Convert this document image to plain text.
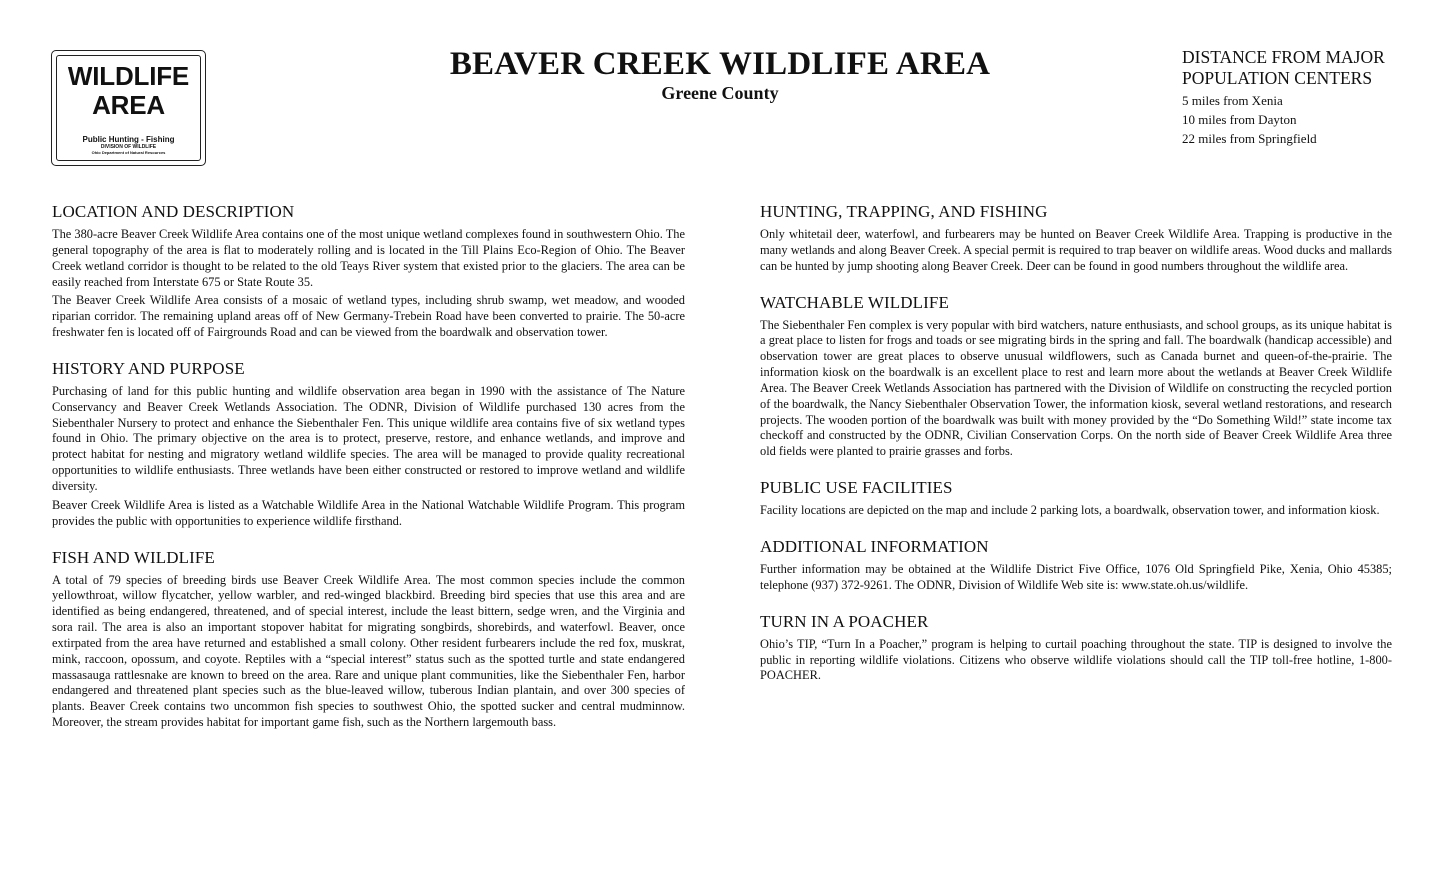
WILDLIFE
AREA
Public Hunting - Fishing
DIVISION OF WILDLIFE
Ohio Department of Natural Resources
BEAVER CREEK WILDLIFE AREA
Greene County
DISTANCE FROM MAJOR
POPULATION CENTERS
5 miles from Xenia
10 miles from Dayton
22 miles from Springfield
LOCATION AND DESCRIPTION

The 380-acre Beaver Creek Wildlife Area contains one of the most unique wetland complexes found in southwestern Ohio. The general topography of the area is flat to moderately rolling and is located in the Till Plains Eco-Region of Ohio. The Beaver Creek wetland corridor is thought to be related to the old Teays River system that existed prior to the glaciers. The area can be easily reached from Interstate 675 or State Route 35.

The Beaver Creek Wildlife Area consists of a mosaic of wetland types, including shrub swamp, wet meadow, and wooded riparian corridor. The remaining upland areas off of New Germany-Trebein Road have been converted to prairie. The 50-acre freshwater fen is located off of Fairgrounds Road and can be viewed from the boardwalk and observation tower.

HISTORY AND PURPOSE

Purchasing of land for this public hunting and wildlife observation area began in 1990 with the assistance of The Nature Conservancy and Beaver Creek Wetlands Association. The ODNR, Division of Wildlife purchased 130 acres from the Siebenthaler Nursery to protect and enhance the Siebenthaler Fen. This unique wildlife area contains five of six wetland types found in Ohio. The primary objective on the area is to protect, preserve, restore, and enhance wetlands, and improve and protect habitat for nesting and migratory wetland wildlife species. The area will be managed to provide quality recreational opportunities to wildlife enthusiasts. Three wetlands have been either constructed or restored to improve wetland and wildlife diversity.

Beaver Creek Wildlife Area is listed as a Watchable Wildlife Area in the National Watchable Wildlife Program. This program provides the public with opportunities to experience wildlife firsthand.

FISH AND WILDLIFE

A total of 79 species of breeding birds use Beaver Creek Wildlife Area. The most common species include the common yellowthroat, willow flycatcher, yellow warbler, and red-winged blackbird. Breeding bird species that use this area and are identified as being endangered, threatened, and of special interest, include the least bittern, sedge wren, and the Virginia and sora rail. The area is also an important stopover habitat for migrating songbirds, shorebirds, and waterfowl. Beaver, once extirpated from the area have returned and established a small colony. Other resident furbearers include the red fox, muskrat, mink, raccoon, opossum, and coyote. Reptiles with a “special interest” status such as the spotted turtle and state endangered massasauga rattlesnake are known to breed on the area. Rare and unique plant communities, like the Siebenthaler Fen, harbor endangered and threatened plant species such as the blue-leaved willow, tuberous Indian plantain, and over 300 species of plants. Beaver Creek contains two uncommon fish species to southwest Ohio, the spotted sucker and central mudminnow. Moreover, the stream provides habitat for important game fish, such as the Northern largemouth bass.

HUNTING, TRAPPING, AND FISHING

Only whitetail deer, waterfowl, and furbearers may be hunted on Beaver Creek Wildlife Area. Trapping is productive in the many wetlands and along Beaver Creek. A special permit is required to trap beaver on wildlife areas. Wood ducks and mallards can be hunted by jump shooting along Beaver Creek. Deer can be found in good numbers throughout the wildlife area.

WATCHABLE WILDLIFE

The Siebenthaler Fen complex is very popular with bird watchers, nature enthusiasts, and school groups, as its unique habitat is a great place to listen for frogs and toads or see migrating birds in the spring and fall. The boardwalk (handicap accessible) and observation tower are great places to observe unusual wildflowers, such as Canada burnet and queen-of-the-prairie. The information kiosk on the boardwalk is an excellent place to rest and learn more about the wetlands at Beaver Creek Wildlife Area. The Beaver Creek Wetlands Association has partnered with the Division of Wildlife on constructing the recycled portion of the boardwalk, the Nancy Siebenthaler Observation Tower, the information kiosk, several wetland restorations, and research projects. The wooden portion of the boardwalk was built with money provided by the “Do Something Wild!” state income tax checkoff and constructed by the ODNR, Civilian Conservation Corps. On the north side of Beaver Creek Wildlife Area three old fields were planted to prairie grasses and forbs.

PUBLIC USE FACILITIES

Facility locations are depicted on the map and include 2 parking lots, a boardwalk, observation tower, and information kiosk.

ADDITIONAL INFORMATION

Further information may be obtained at the Wildlife District Five Office, 1076 Old Springfield Pike, Xenia, Ohio 45385; telephone (937) 372-9261. The ODNR, Division of Wildlife Web site is: www.state.oh.us/wildlife.

TURN IN A POACHER

Ohio’s TIP, “Turn In a Poacher,” program is helping to curtail poaching throughout the state. TIP is designed to involve the public in reporting wildlife violations. Citizens who observe wildlife violations should call the TIP toll-free hotline, 1-800-POACHER.
